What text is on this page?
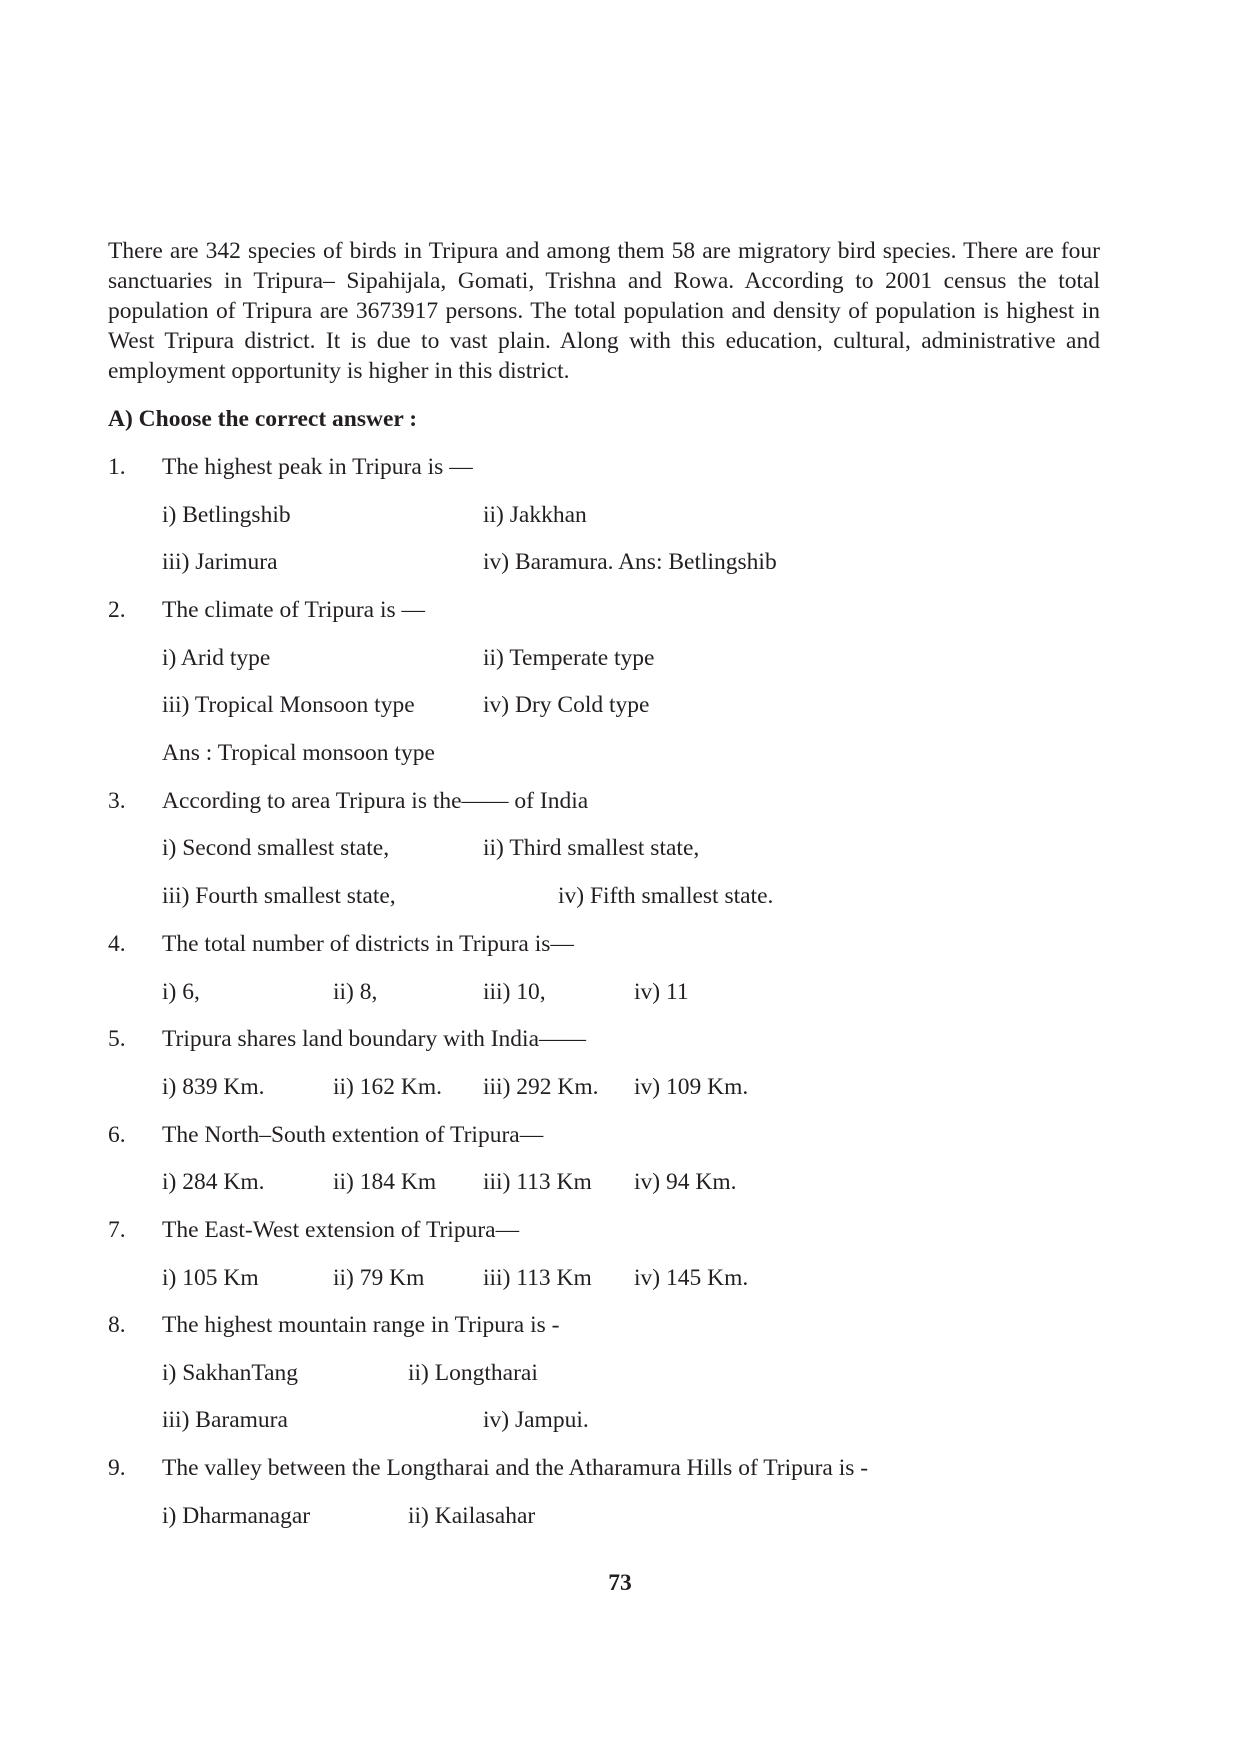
There are 342 species of birds in Tripura and among them 58 are migratory bird species. There are four sanctuaries in Tripura– Sipahijala, Gomati, Trishna and Rowa. According to 2001 census the total population of Tripura are 3673917 persons. The total population and density of population is highest in West Tripura district. It is due to vast plain. Along with this education, cultural, administrative and employment opportunity is higher in this district.

A) Choose the correct answer :

1. The highest peak in Tripura is —

i) Betlingshib	ii) Jakkhan

iii) Jarimura	iv) Baramura. Ans: Betlingshib

2. The climate of Tripura is —

i) Arid type	ii) Temperate type

iii) Tropical Monsoon type	iv) Dry Cold type

Ans : Tropical monsoon type

3. According to area Tripura is the—— of India

i) Second smallest state,	ii) Third smallest state,

iii) Fourth smallest state,	iv) Fifth smallest state.

4. The total number of districts in Tripura is—

i) 6,	ii) 8,	iii) 10,	iv) 11

5. Tripura shares land boundary with India——

i) 839 Km.	ii) 162 Km. iii) 292 Km. iv) 109 Km.

6. The North–South extention of Tripura—

i) 284 Km.	ii) 184 Km iii) 113 Km iv) 94 Km.

7. The East-West extension of Tripura—

i) 105 Km	ii) 79 Km iii) 113 Km iv) 145 Km.

8. The highest mountain range in Tripura is -

i) SakhanTang	ii) Longtharai

iii) Baramura	iv) Jampui.

9. The valley between the Longtharai and the Atharamura Hills of Tripura is -

i) Dharmanagar	ii) Kailasahar

73
